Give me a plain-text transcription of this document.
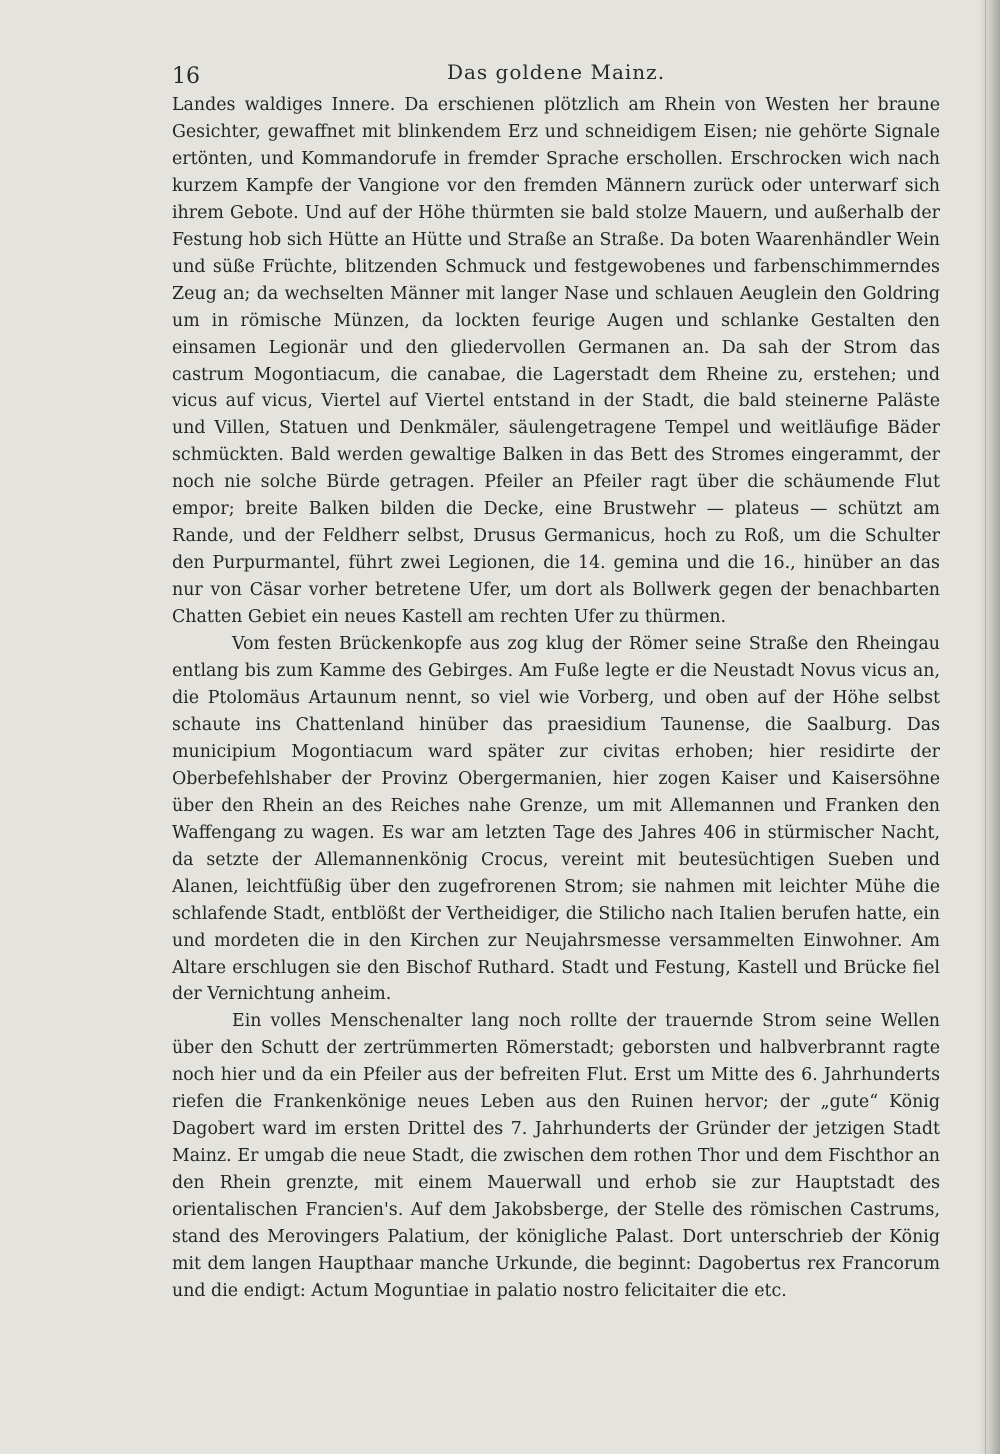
16	Das goldene Mainz.

Landes waldiges Innere. Da erschienen plötzlich am Rhein von Westen her braune Gesichter, gewaffnet mit blinkendem Erz und schneidigem Eisen; nie gehörte Signale ertönten, und Kommandorufe in fremder Sprache erschollen. Erschrocken wich nach kurzem Kampfe der Vangione vor den fremden Männern zurück oder unterwarf sich ihrem Gebote. Und auf der Höhe thürmten sie bald stolze Mauern, und außerhalb der Festung hob sich Hütte an Hütte und Straße an Straße. Da boten Waarenhändler Wein und süße Früchte, blitzenden Schmuck und festgewobenes und farbenschimmerndes Zeug an; da wechselten Männer mit langer Nase und schlauen Aeuglein den Goldring um in römische Münzen, da lockten feurige Augen und schlanke Gestalten den einsamen Legionär und den gliedervollen Germanen an. Da sah der Strom das castrum Mogontiacum, die canabae, die Lagerstadt dem Rheine zu, erstehen; und vicus auf vicus, Viertel auf Viertel entstand in der Stadt, die bald steinerne Paläste und Villen, Statuen und Denkmäler, säulengetragene Tempel und weitläufige Bäder schmückten. Bald werden gewaltige Balken in das Bett des Stromes eingerammt, der noch nie solche Bürde getragen. Pfeiler an Pfeiler ragt über die schäumende Flut empor; breite Balken bilden die Decke, eine Brustwehr — plateus — schützt am Rande, und der Feldherr selbst, Drusus Germanicus, hoch zu Roß, um die Schulter den Purpurmantel, führt zwei Legionen, die 14. gemina und die 16., hinüber an das nur von Cäsar vorher betretene Ufer, um dort als Bollwerk gegen der benachbarten Chatten Gebiet ein neues Kastell am rechten Ufer zu thürmen.

Vom festen Brückenkopfe aus zog klug der Römer seine Straße den Rheingau entlang bis zum Kamme des Gebirges. Am Fuße legte er die Neustadt Novus vicus an, die Ptolomäus Artaunum nennt, so viel wie Vorberg, und oben auf der Höhe selbst schaute ins Chattenland hinüber das praesidium Taunense, die Saalburg. Das municipium Mogontiacum ward später zur civitas erhoben; hier residirte der Oberbefehlshaber der Provinz Obergermanien, hier zogen Kaiser und Kaisersöhne über den Rhein an des Reiches nahe Grenze, um mit Allemannen und Franken den Waffengang zu wagen. Es war am letzten Tage des Jahres 406 in stürmischer Nacht, da setzte der Allemannenkönig Crocus, vereint mit beutesüchtigen Sueben und Alanen, leichtfüßig über den zugefrorenen Strom; sie nahmen mit leichter Mühe die schlafende Stadt, entblößt der Vertheidiger, die Stilicho nach Italien berufen hatte, ein und mordeten die in den Kirchen zur Neujahrsmesse versammelten Einwohner. Am Altare erschlugen sie den Bischof Ruthard. Stadt und Festung, Kastell und Brücke fiel der Vernichtung anheim.

Ein volles Menschenalter lang noch rollte der trauernde Strom seine Wellen über den Schutt der zertrümmerten Römerstadt; geborsten und halbverbrannt ragte noch hier und da ein Pfeiler aus der befreiten Flut. Erst um Mitte des 6. Jahrhunderts riefen die Frankenkönige neues Leben aus den Ruinen hervor; der „gute“ König Dagobert ward im ersten Drittel des 7. Jahrhunderts der Gründer der jetzigen Stadt Mainz. Er umgab die neue Stadt, die zwischen dem rothen Thor und dem Fischthor an den Rhein grenzte, mit einem Mauerwall und erhob sie zur Hauptstadt des orientalischen Francien's. Auf dem Jakobsberge, der Stelle des römischen Castrums, stand des Merovingers Palatium, der königliche Palast. Dort unterschrieb der König mit dem langen Haupthaar manche Urkunde, die beginnt: Dagobertus rex Francorum und die endigt: Actum Moguntiae in palatio nostro felicitaiter die etc.
